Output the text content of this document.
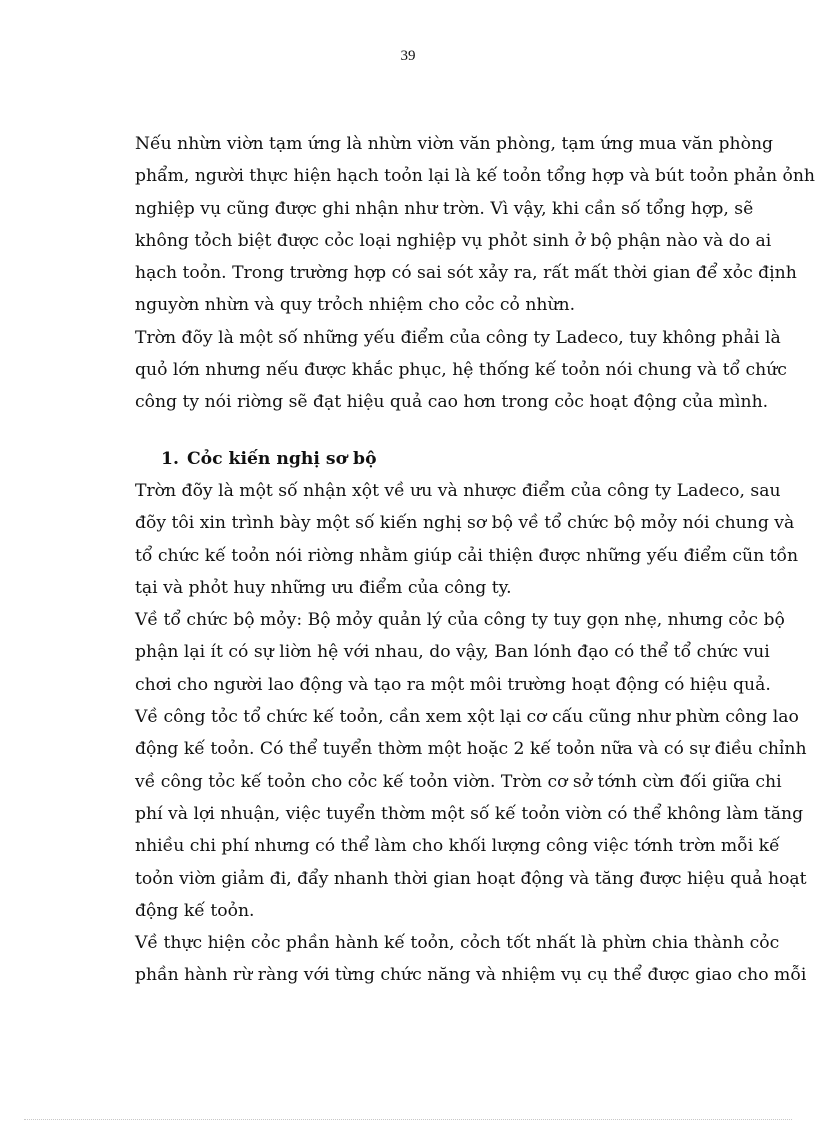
39
Nếu nhừn viờn tạm ứng là nhừn viờn văn phòng, tạm ứng mua văn phòng
phẩm, người thực hiện hạch toỏn lại là kế toỏn tổng hợp và bút toỏn phản ỏnh
nghiệp vụ cũng được ghi nhận như trờn. Vì vậy, khi cần số tổng hợp, sẽ
không tỏch biệt được cỏc loại nghiệp vụ phỏt sinh ở bộ phận nào và do ai
hạch toỏn. Trong trường hợp có sai sót xảy ra, rất mất thời gian để xỏc định
nguyờn nhừn và quy trỏch nhiệm cho cỏc cỏ nhừn.
Trờn đõy là một số những yếu điểm của công ty Ladeco, tuy không phải là
quỏ lớn nhưng nếu được khắc phục, hệ thống kế toỏn nói chung và tổ chức
công ty nói riờng sẽ đạt hiệu quả cao hơn trong cỏc hoạt động của mình.
1. Cỏc kiến nghị sơ bộ
Trờn đõy là một số nhận xột về ưu và nhược điểm của công ty Ladeco, sau
đõy tôi xin trình bày một số kiến nghị sơ bộ về tổ chức bộ mỏy nói chung và
tổ chức kế toỏn nói riờng nhằm giúp cải thiện được những yếu điểm cũn tồn
tại và phỏt huy những ưu điểm của công ty.
Về tổ chức bộ mỏy: Bộ mỏy quản lý của công ty tuy gọn nhẹ, nhưng cỏc bộ
phận lại ít có sự liờn hệ với nhau, do vậy, Ban lónh đạo có thể tổ chức vui
chơi cho người lao động và tạo ra một môi trường hoạt động có hiệu quả.
Về công tỏc tổ chức kế toỏn, cần xem xột lại cơ cấu cũng như phừn công lao
động kế toỏn. Có thể tuyển thờm một hoặc 2 kế toỏn nữa và có sự điều chỉnh
về công tỏc kế toỏn cho cỏc kế toỏn viờn. Trờn cơ sở tớnh cừn đối giữa chi
phí và lợi nhuận, việc tuyển thờm một số kế toỏn viờn có thể không làm tăng
nhiều chi phí nhưng có thể làm cho khối lượng công việc tớnh trờn mỗi kế
toỏn viờn giảm đi, đẩy nhanh thời gian hoạt động và tăng được hiệu quả hoạt
động kế toỏn.
Về thực hiện cỏc phần hành kế toỏn, cỏch tốt nhất là phừn chia thành cỏc
phần hành rừ ràng với từng chức năng và nhiệm vụ cụ thể được giao cho mỗi
